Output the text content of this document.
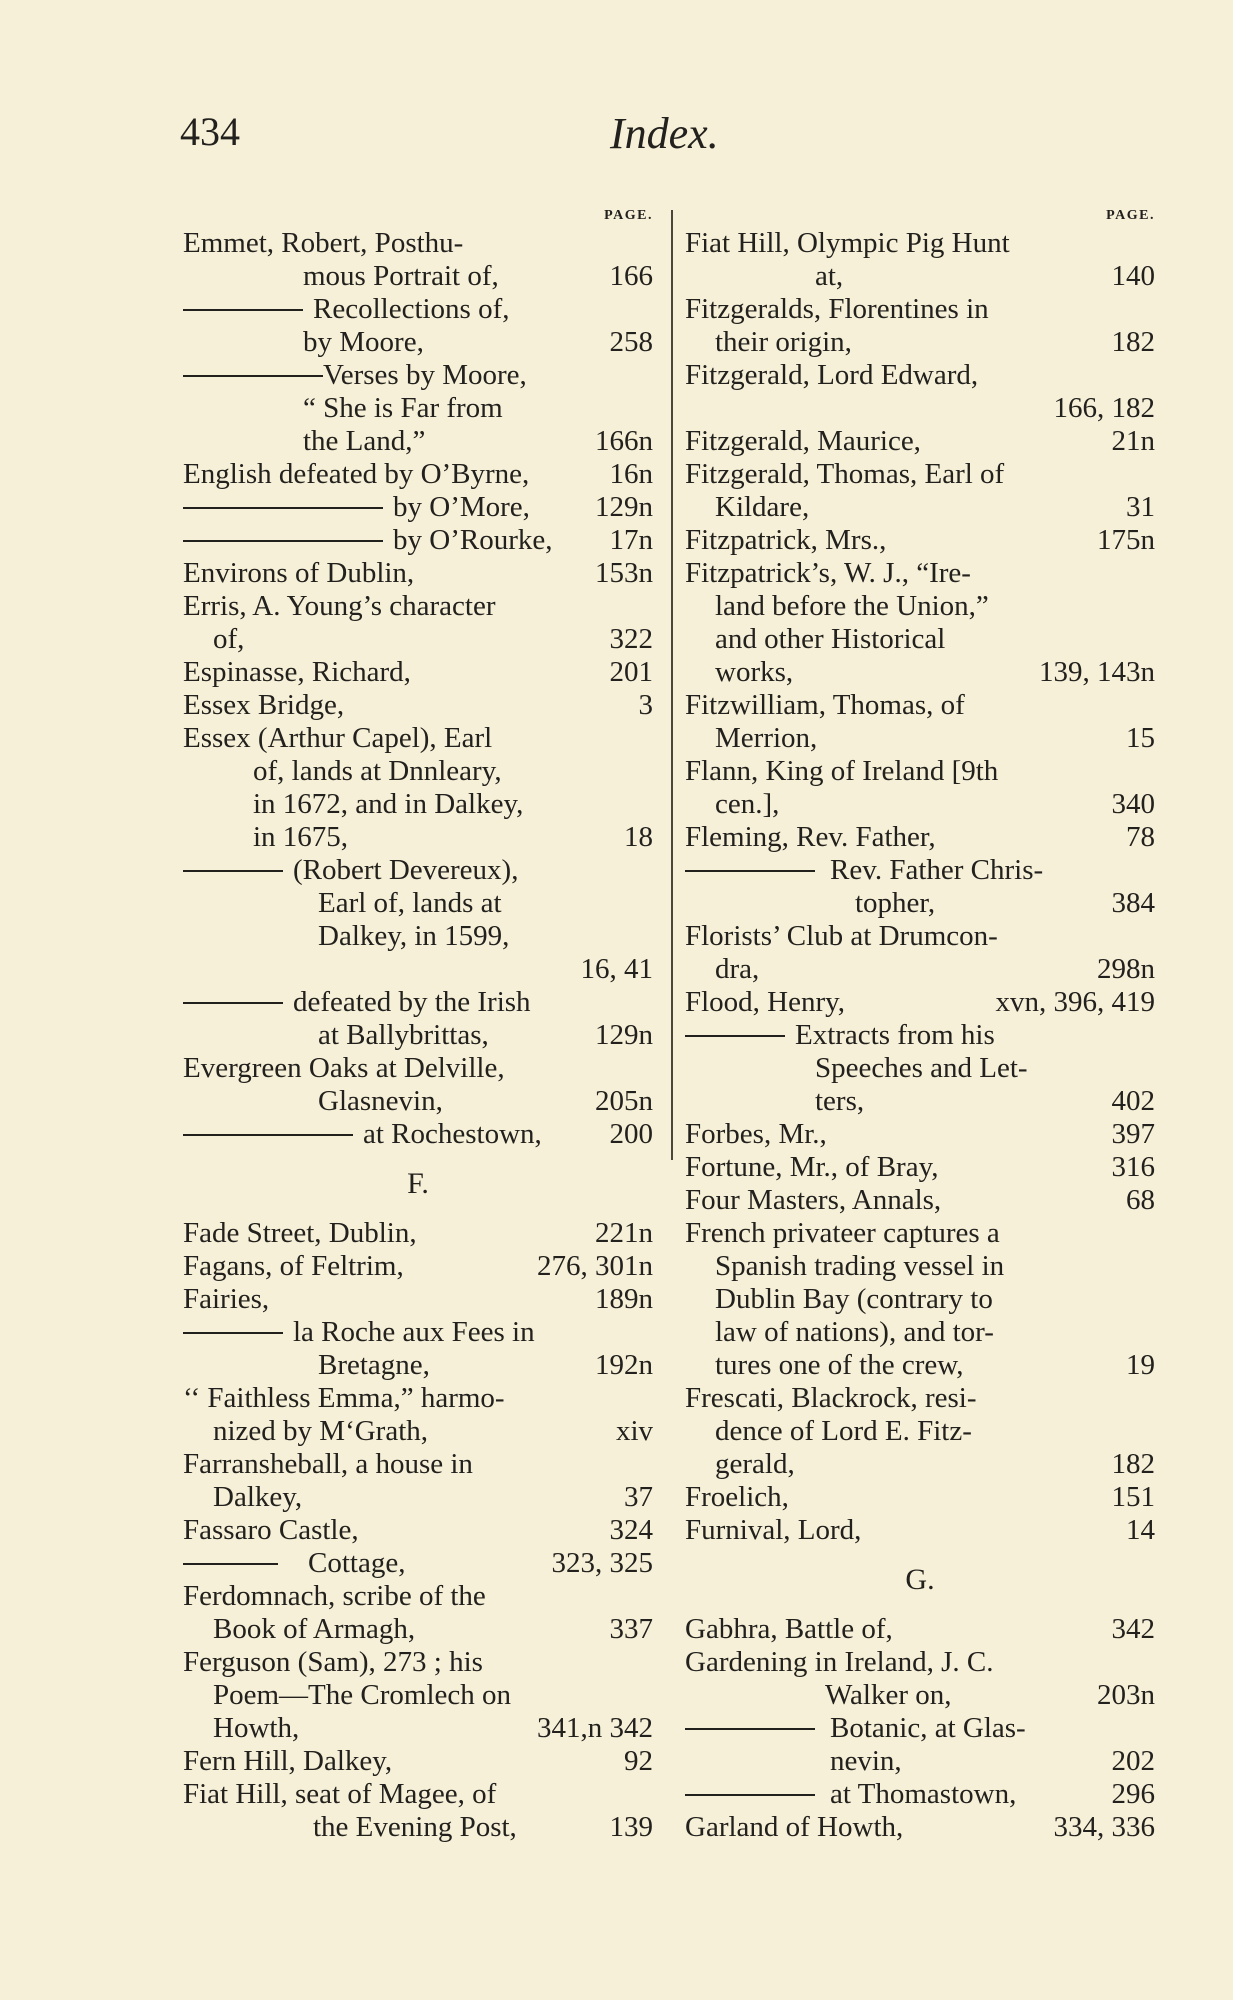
434	Index.
PAGE.
Emmet, Robert, Posthu-
mous Portrait of,	166
Recollections of,
by Moore,	258
Verses by Moore,
“ She is Far from
the Land,”	166n
English defeated by O’Byrne,	16n
by O’More, 129n
by O’Rourke, 17n
Environs of Dublin,	153n
Erris, A. Young’s character
of,	322
Espinasse, Richard,	201
Essex Bridge,	3
Essex (Arthur Capel), Earl
of, lands at Dnnleary,
in 1672, and in Dalkey,
in 1675,	18
(Robert Devereux),
Earl of, lands at
Dalkey, in 1599,
16, 41
defeated by the Irish
at Ballybrittas,	129n
Evergreen Oaks at Delville,
Glasnevin,	205n
at Rochestown, 200
F.
Fade Street, Dublin,	221n
Fagans, of Feltrim,	276, 301n
Fairies,	189n
la Roche aux Fees in
Bretagne,	192n
‘‘ Faithless Emma,” harmo-
nized by M‘Grath,	xiv
Farransheball, a house in
Dalkey,	37
Fassaro Castle,	324
Cottage,	323, 325
Ferdomnach, scribe of the
Book of Armagh,	337
Ferguson (Sam), 273 ; his
Poem—The Cromlech on
Howth,	341,n 342
Fern Hill, Dalkey,	92
Fiat Hill, seat of Magee, of
the Evening Post,	139
PAGE.
Fiat Hill, Olympic Pig Hunt
at,	140
Fitzgeralds, Florentines in
their origin,	182
Fitzgerald, Lord Edward,
166, 182
Fitzgerald, Maurice,	21n
Fitzgerald, Thomas, Earl of
Kildare,	31
Fitzpatrick, Mrs.,	175n
Fitzpatrick’s, W. J., “Ire-
land before the Union,”
and other Historical
works,	139, 143n
Fitzwilliam, Thomas, of
Merrion,	15
Flann, King of Ireland [9th
cen.],	340
Fleming, Rev. Father,	78
Rev. Father Chris-
topher,	384
Florists’ Club at Drumcon-
dra,	298n
Flood, Henry,	xvn, 396, 419
Extracts from his
Speeches and Let-
ters,	402
Forbes, Mr.,	397
Fortune, Mr., of Bray,	316
Four Masters, Annals,	68
French privateer captures a
Spanish trading vessel in
Dublin Bay (contrary to
law of nations), and tor-
tures one of the crew,	19
Frescati, Blackrock, resi-
dence of Lord E. Fitz-
gerald,	182
Froelich,	151
Furnival, Lord,	14
G.
Gabhra, Battle of,	342
Gardening in Ireland, J. C.
Walker on,	203n
Botanic, at Glas-
nevin,	202
at Thomastown,	296
Garland of Howth,	334, 336
